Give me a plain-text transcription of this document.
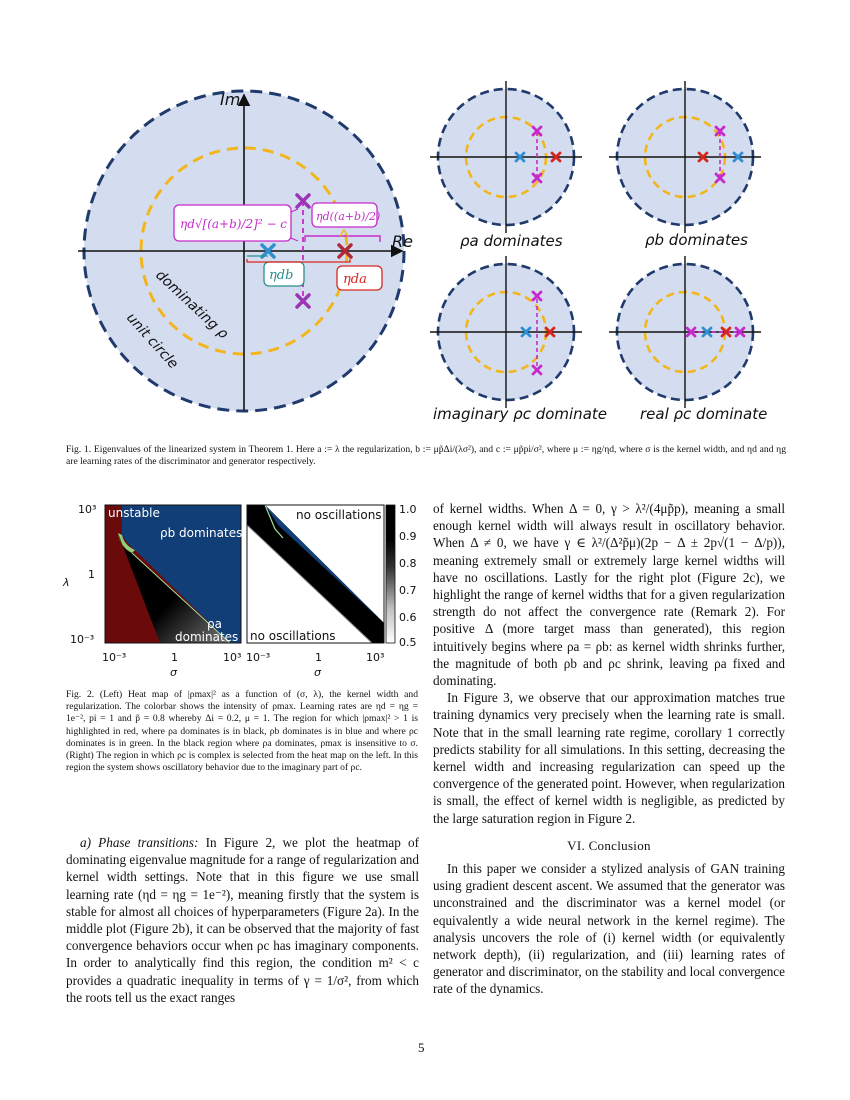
Im
Re
dominating ρ
unit circle
ηd√[(a+b)/2]² − c
ηd((a+b)/2)
ηdb	ηda
ρa dominates	ρb dominates
imaginary ρc dominate real ρc dominate
Fig. 1. Eigenvalues of the linearized system in Theorem 1. Here a := λ the regularization, b := μp̃Δi/(λσ²), and c := μp̃pi/σ², where μ := ηg/ηd, where σ is the kernel width, and ηd and ηg are learning rates of the discriminator and generator respectively.
unstable
ρb dominates
ρa
dominates
10³
1
10⁻³
λ
10⁻³	1	10³
σ
no oscillations
no oscillations
10⁻³	1	10³
σ
1.0
0.9
0.8
0.7
0.6
0.5
Fig. 2. (Left) Heat map of |ρmax|² as a function of (σ, λ), the kernel width and regularization. The colorbar shows the intensity of ρmax. Learning rates are ηd = ηg = 1e⁻², pi = 1 and p̃ = 0.8 whereby Δi = 0.2, μ = 1. The region for which |ρmax|² > 1 is highlighted in red, where ρa dominates is in black, ρb dominates is in blue and where ρc dominates is in green. In the black region where ρa dominates, ρmax is insensitive to σ. (Right) The region in which ρc is complex is selected from the heat map on the left. In this region the system shows oscillatory behavior due to the imaginary part of ρc.

a) Phase transitions: In Figure 2, we plot the heatmap of dominating eigenvalue magnitude for a range of regularization and kernel width settings. Note that in this figure we use small learning rate (ηd = ηg = 1e⁻²), meaning firstly that the system is stable for almost all choices of hyperparameters (Figure 2a). In the middle plot (Figure 2b), it can be observed that the majority of fast convergence behaviors occur when ρc has imaginary components. In order to analytically find this region, the condition m² < c provides a quadratic inequality in terms of γ = 1/σ², from which the roots tell us the exact ranges

of kernel widths. When Δ = 0, γ > λ²/(4μp̃p), meaning a small enough kernel width will always result in oscillatory behavior. When Δ ≠ 0, we have γ ∈ λ²/(Δ²p̃μ)(2p − Δ ± 2p√(1 − Δ/p)), meaning extremely small or extremely large kernel widths will have no oscillations. Lastly for the right plot (Figure 2c), we highlight the range of kernel widths that for a given regularization strength do not affect the convergence rate (Remark 2). For positive Δ (more target mass than generated), this region intuitively begins where ρa = ρb: as kernel width shrinks further, the magnitude of both ρb and ρc shrink, leaving ρa fixed and dominating.

In Figure 3, we observe that our approximation matches true training dynamics very precisely when the learning rate is small. Note that in the small learning rate regime, corollary 1 correctly predicts stability for all simulations. In this setting, decreasing the kernel width and increasing regularization can speed up the convergence of the generated point. However, when regularization is small, the effect of kernel width is negligible, as predicted by the large saturation region in Figure 2.

VI. Conclusion

In this paper we consider a stylized analysis of GAN training using gradient descent ascent. We assumed that the generator was unconstrained and the discriminator was a kernel model (or equivalently a wide neural network in the kernel regime). The analysis uncovers the role of (i) kernel width (or equivalently network depth), (ii) regularization, and (iii) learning rates of generator and discriminator, on the stability and local convergence rate of the dynamics.

5
